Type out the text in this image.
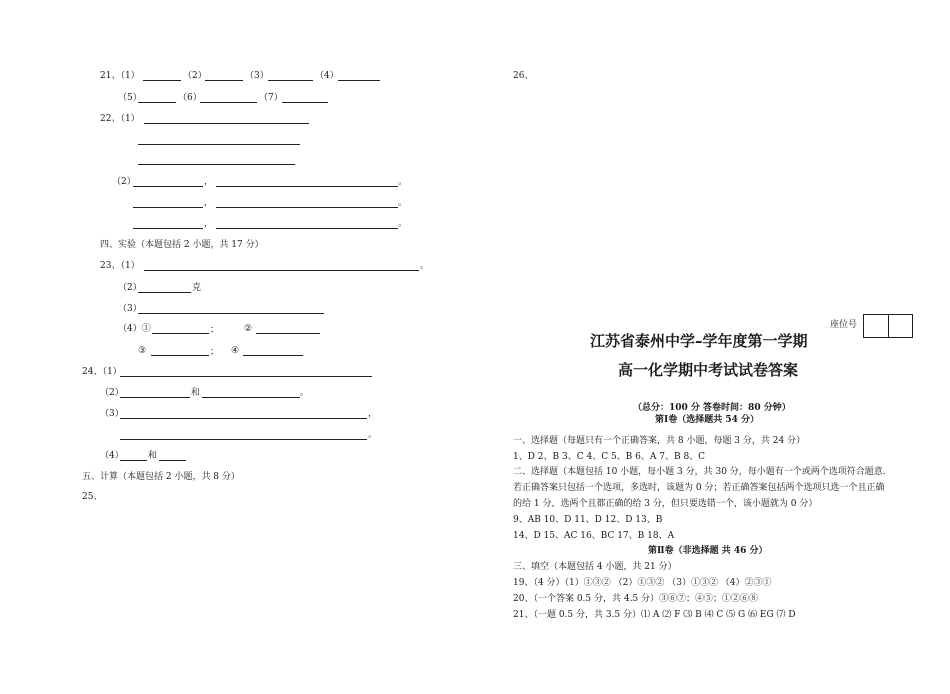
21、（1）	（2）	（3）	（4）
（5）	（6）	（7）
22、（1）
（2）	，	。
，	。
，	。
四、实验（本题包括 2 小题，共 17 分）
23、（1）	。
（2）	克
（3）
（4）①	；	②
③	； ④
24、（1）
（2）	和	。
（3）	，
。
（4）	和
五、计算（本题包括 2 小题，共 8 分）
25、
26、
座位号
江苏省泰州中学–学年度第一学期
高一化学期中考试试卷答案
（总分：100 分 答卷时间：80 分钟）
第Ⅰ卷（选择题共 54 分）
一、选择题（每题只有一个正确答案，共 8 小题，每题 3 分，共 24 分）
1、D 2、B 3、C 4、C 5、B 6、A 7、B 8、C
二、选择题（本题包括 10 小题，每小题 3 分，共 30 分，每小题有一个或两个选项符合题意．
若正确答案只包括一个选项，多选时，该题为 0 分；若正确答案包括两个选项只选一个且正确
的给 1 分，选两个且都正确的给 3 分，但只要选错一个，该小题就为 0 分）
9、AB 10、D 11、D 12、D 13、B
14、D 15、AC 16、BC 17、B 18、A
第Ⅱ卷（非选择题 共 46 分）
三、填空（本题包括 4 小题，共 21 分）
19、（4 分）（1）①③② （2）①③② （3）①③② （4）②③①
20、（一个答案 0.5 分，共 4.5 分）③⑥⑦；④⑤；①②⑥⑧
21、（一题 0.5 分，共 3.5 分）⑴ A ⑵ F ⑶ B ⑷ C ⑸ G ⑹ EG ⑺ D
